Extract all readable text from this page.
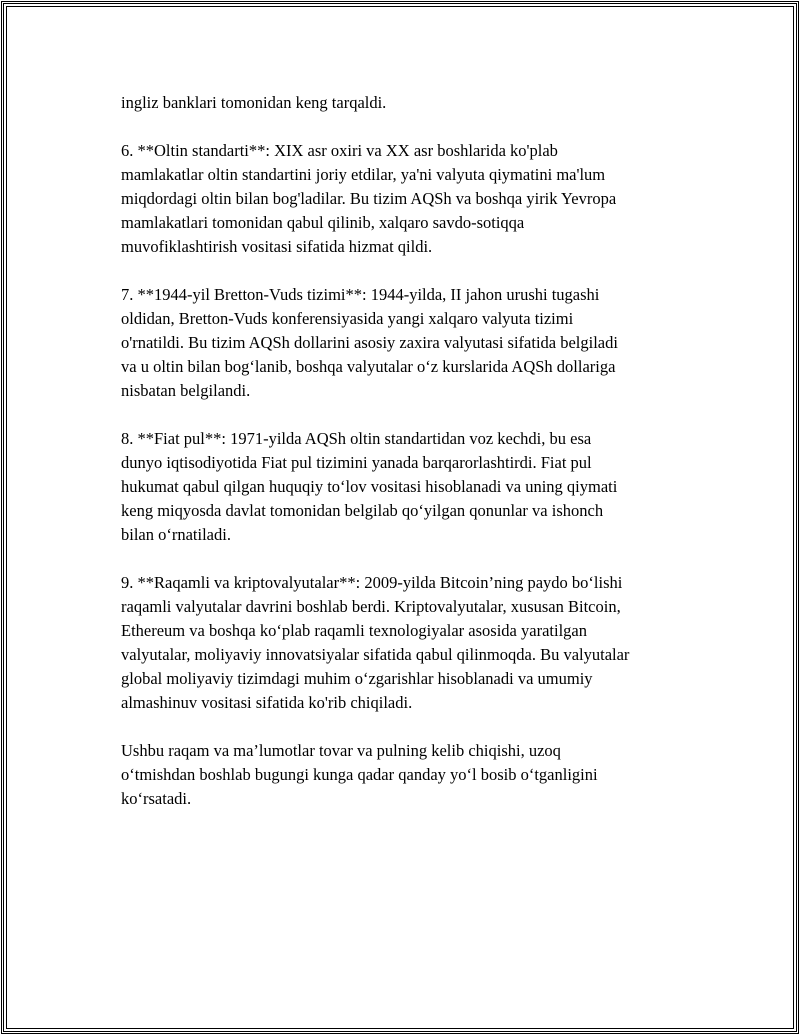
ingliz banklari tomonidan keng tarqaldi.

6. **Oltin standarti**: XIX asr oxiri va XX asr boshlarida ko'plab
mamlakatlar oltin standartini joriy etdilar, ya'ni valyuta qiymatini ma'lum
miqdordagi oltin bilan bog'ladilar. Bu tizim AQSh va boshqa yirik Yevropa
mamlakatlari tomonidan qabul qilinib, xalqaro savdo-sotiqqa
muvofiklashtirish vositasi sifatida hizmat qildi.

7. **1944-yil Bretton-Vuds tizimi**: 1944-yilda, II jahon urushi tugashi
oldidan, Bretton-Vuds konferensiyasida yangi xalqaro valyuta tizimi
o'rnatildi. Bu tizim AQSh dollarini asosiy zaxira valyutasi sifatida belgiladi
va u oltin bilan bog‘lanib, boshqa valyutalar o‘z kurslarida AQSh dollariga
nisbatan belgilandi.

8. **Fiat pul**: 1971-yilda AQSh oltin standartidan voz kechdi, bu esa
dunyo iqtisodiyotida Fiat pul tizimini yanada barqarorlashtirdi. Fiat pul
hukumat qabul qilgan huquqiy to‘lov vositasi hisoblanadi va uning qiymati
keng miqyosda davlat tomonidan belgilab qo‘yilgan qonunlar va ishonch
bilan o‘rnatiladi.

9. **Raqamli va kriptovalyutalar**: 2009-yilda Bitcoin’ning paydo bo‘lishi
raqamli valyutalar davrini boshlab berdi. Kriptovalyutalar, xususan Bitcoin,
Ethereum va boshqa ko‘plab raqamli texnologiyalar asosida yaratilgan
valyutalar, moliyaviy innovatsiyalar sifatida qabul qilinmoqda. Bu valyutalar
global moliyaviy tizimdagi muhim o‘zgarishlar hisoblanadi va umumiy
almashinuv vositasi sifatida ko'rib chiqiladi.

Ushbu raqam va ma’lumotlar tovar va pulning kelib chiqishi, uzoq
o‘tmishdan boshlab bugungi kunga qadar qanday yo‘l bosib o‘tganligini
ko‘rsatadi.
